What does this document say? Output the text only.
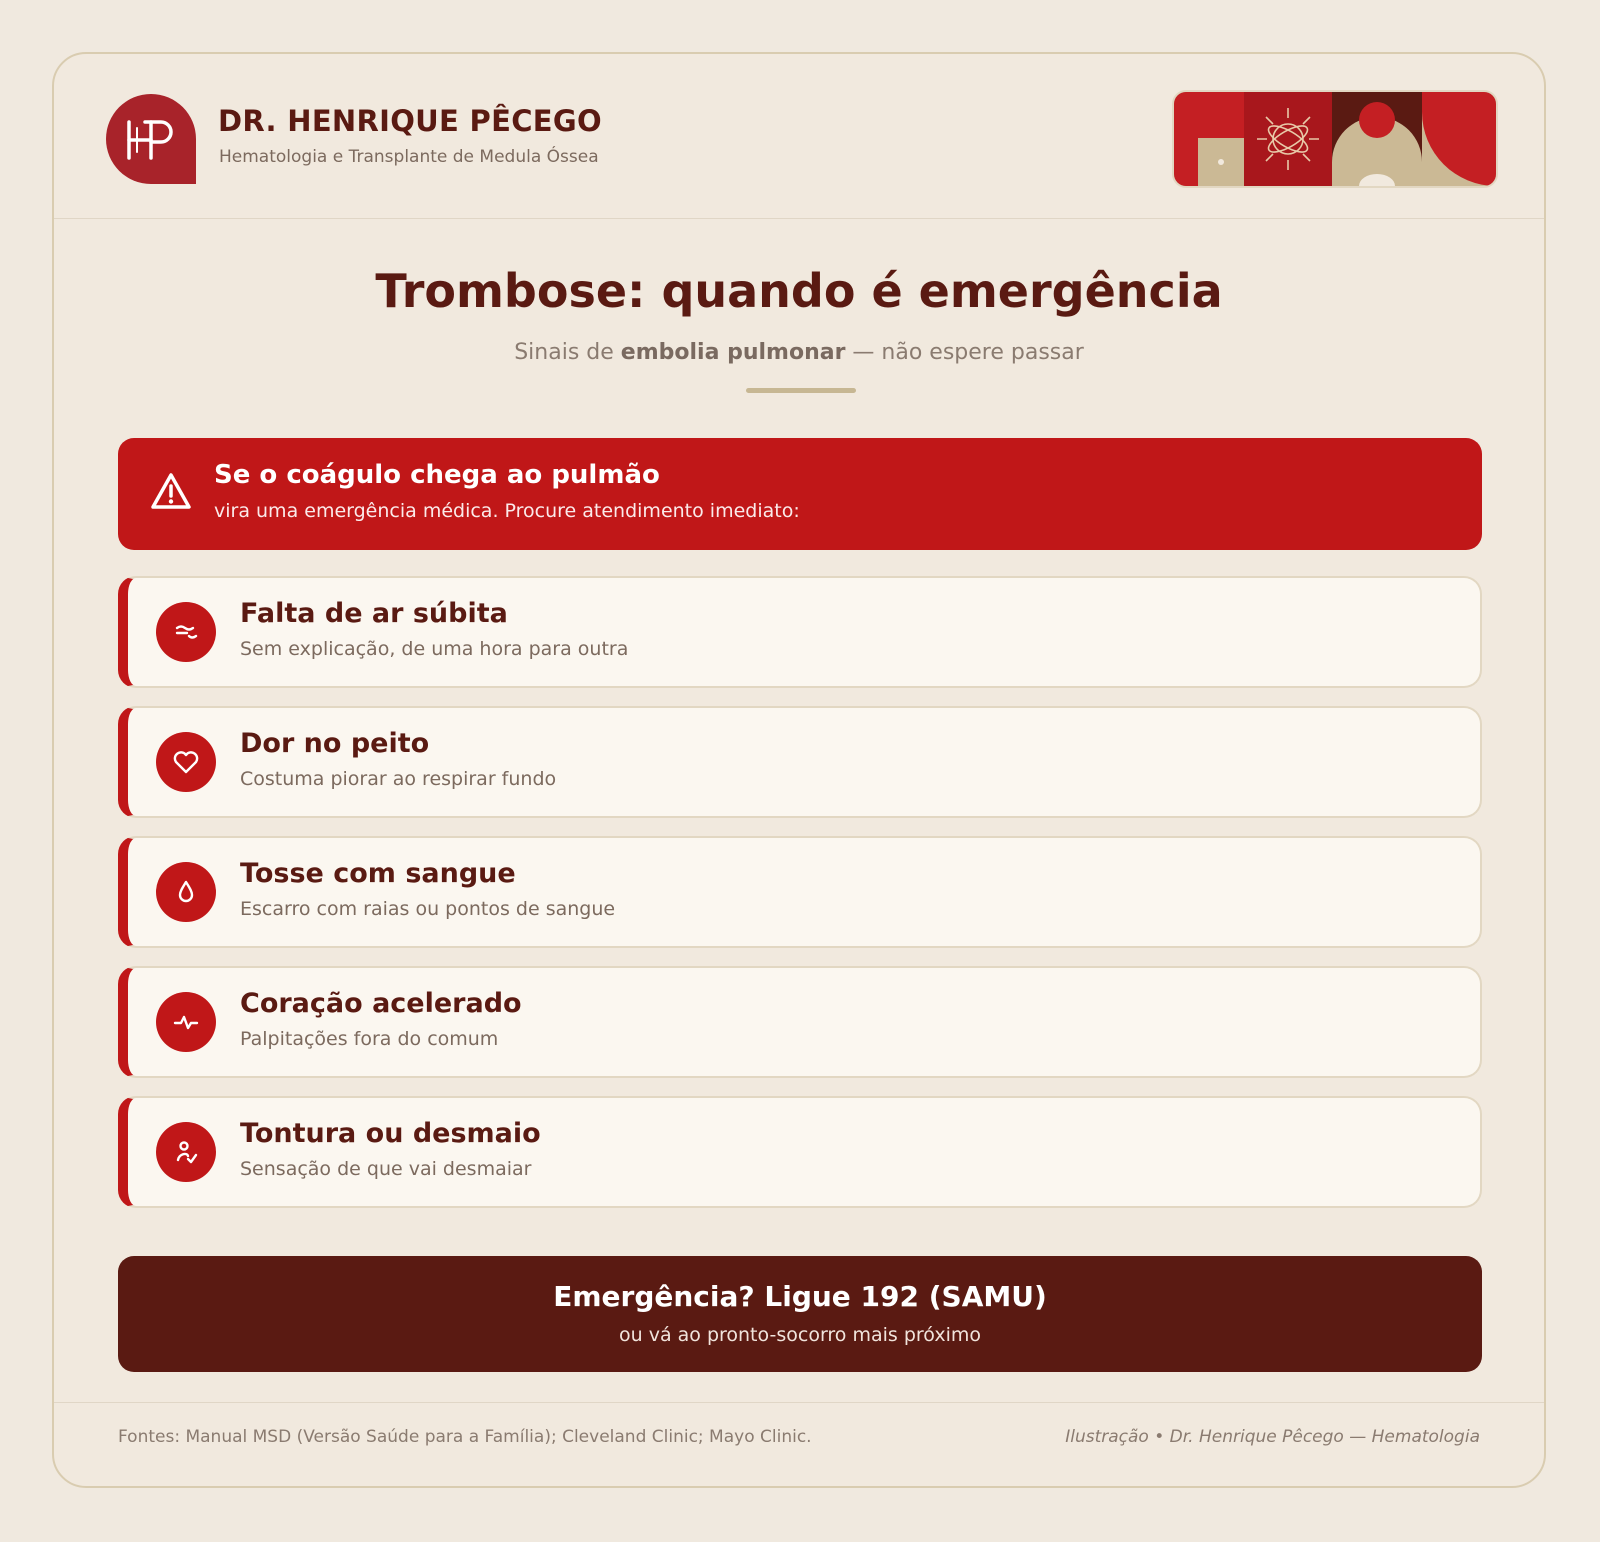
DR. HENRIQUE PÊCEGO
Hematologia e Transplante de Medula Óssea
Trombose: quando é emergência
Sinais de embolia pulmonar — não espere passar
Se o coágulo chega ao pulmão
vira uma emergência médica. Procure atendimento imediato:
Falta de ar súbita
Sem explicação, de uma hora para outra
Dor no peito
Costuma piorar ao respirar fundo
Tosse com sangue
Escarro com raias ou pontos de sangue
Coração acelerado
Palpitações fora do comum
Tontura ou desmaio
Sensação de que vai desmaiar
Emergência? Ligue 192 (SAMU)
ou vá ao pronto-socorro mais próximo
Fontes: Manual MSD (Versão Saúde para a Família); Cleveland Clinic; Mayo Clinic.	Ilustração • Dr. Henrique Pêcego — Hematologia
